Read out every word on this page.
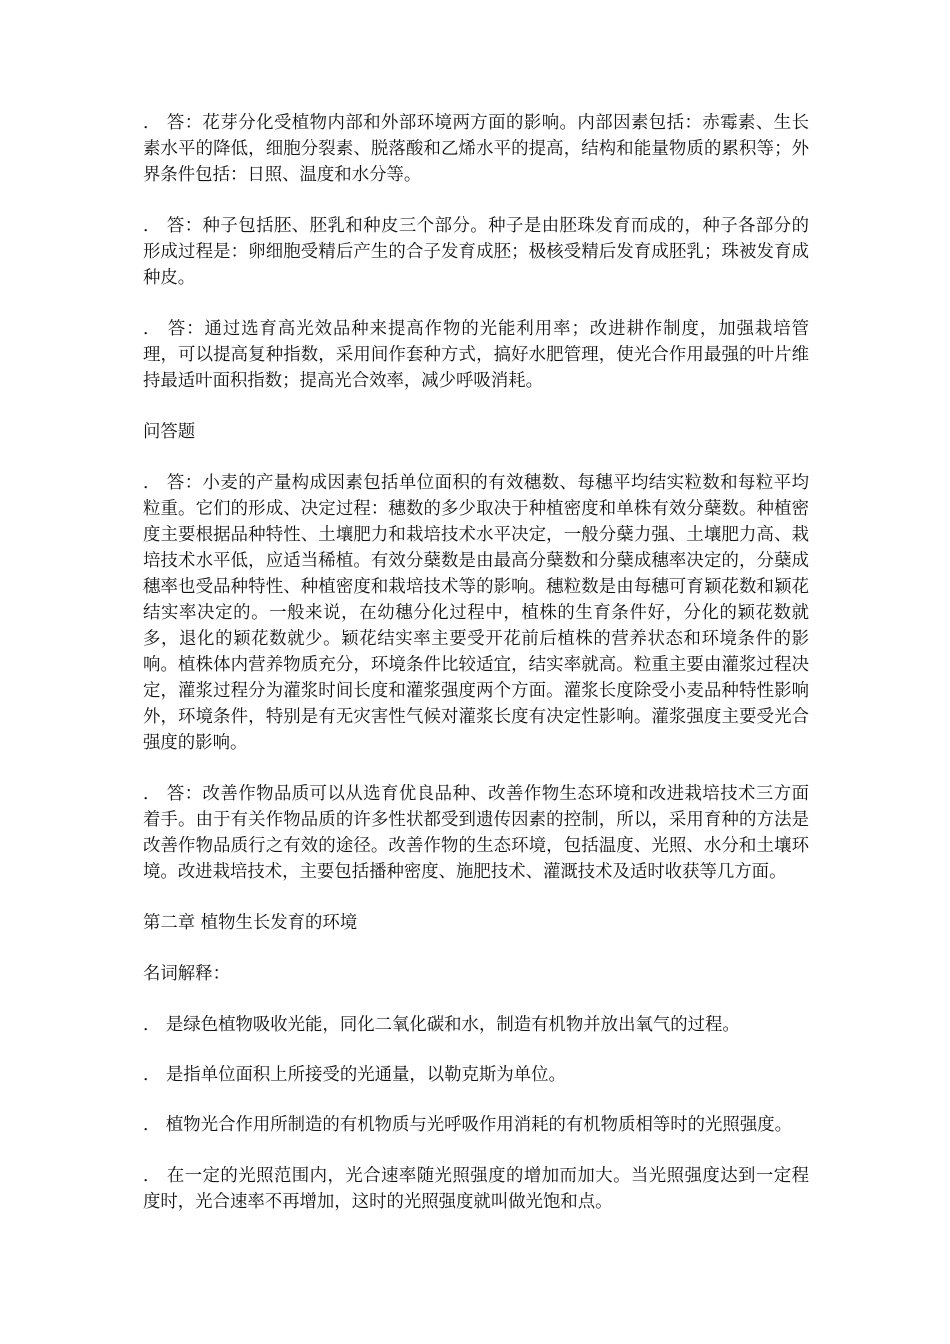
． 答：花芽分化受植物内部和外部环境两方面的影响。内部因素包括：赤霉素、生长素水平的降低，细胞分裂素、脱落酸和乙烯水平的提高，结构和能量物质的累积等；外界条件包括：日照、温度和水分等。

． 答：种子包括胚、胚乳和种皮三个部分。种子是由胚珠发育而成的，种子各部分的形成过程是：卵细胞受精后产生的合子发育成胚；极核受精后发育成胚乳；珠被发育成种皮。

． 答：通过选育高光效品种来提高作物的光能利用率；改进耕作制度，加强栽培管理，可以提高复种指数，采用间作套种方式，搞好水肥管理，使光合作用最强的叶片维持最适叶面积指数；提高光合效率，减少呼吸消耗。

问答题

． 答：小麦的产量构成因素包括单位面积的有效穗数、每穗平均结实粒数和每粒平均粒重。它们的形成、决定过程：穗数的多少取决于种植密度和单株有效分蘖数。种植密度主要根据品种特性、土壤肥力和栽培技术水平决定，一般分蘖力强、土壤肥力高、栽培技术水平低，应适当稀植。有效分蘖数是由最高分蘖数和分蘖成穗率决定的，分蘖成穗率也受品种特性、种植密度和栽培技术等的影响。穗粒数是由每穗可育颖花数和颖花结实率决定的。一般来说，在幼穗分化过程中，植株的生育条件好，分化的颖花数就多，退化的颖花数就少。颖花结实率主要受开花前后植株的营养状态和环境条件的影响。植株体内营养物质充分，环境条件比较适宜，结实率就高。粒重主要由灌浆过程决定，灌浆过程分为灌浆时间长度和灌浆强度两个方面。灌浆长度除受小麦品种特性影响外，环境条件，特别是有无灾害性气候对灌浆长度有决定性影响。灌浆强度主要受光合强度的影响。

． 答：改善作物品质可以从选育优良品种、改善作物生态环境和改进栽培技术三方面着手。由于有关作物品质的许多性状都受到遗传因素的控制，所以，采用育种的方法是改善作物品质行之有效的途径。改善作物的生态环境，包括温度、光照、水分和土壤环境。改进栽培技术，主要包括播种密度、施肥技术、灌溉技术及适时收获等几方面。

第二章 植物生长发育的环境

名词解释：

． 是绿色植物吸收光能，同化二氧化碳和水，制造有机物并放出氧气的过程。

． 是指单位面积上所接受的光通量，以勒克斯为单位。

． 植物光合作用所制造的有机物质与光呼吸作用消耗的有机物质相等时的光照强度。

． 在一定的光照范围内，光合速率随光照强度的增加而加大。当光照强度达到一定程度时，光合速率不再增加，这时的光照强度就叫做光饱和点。
